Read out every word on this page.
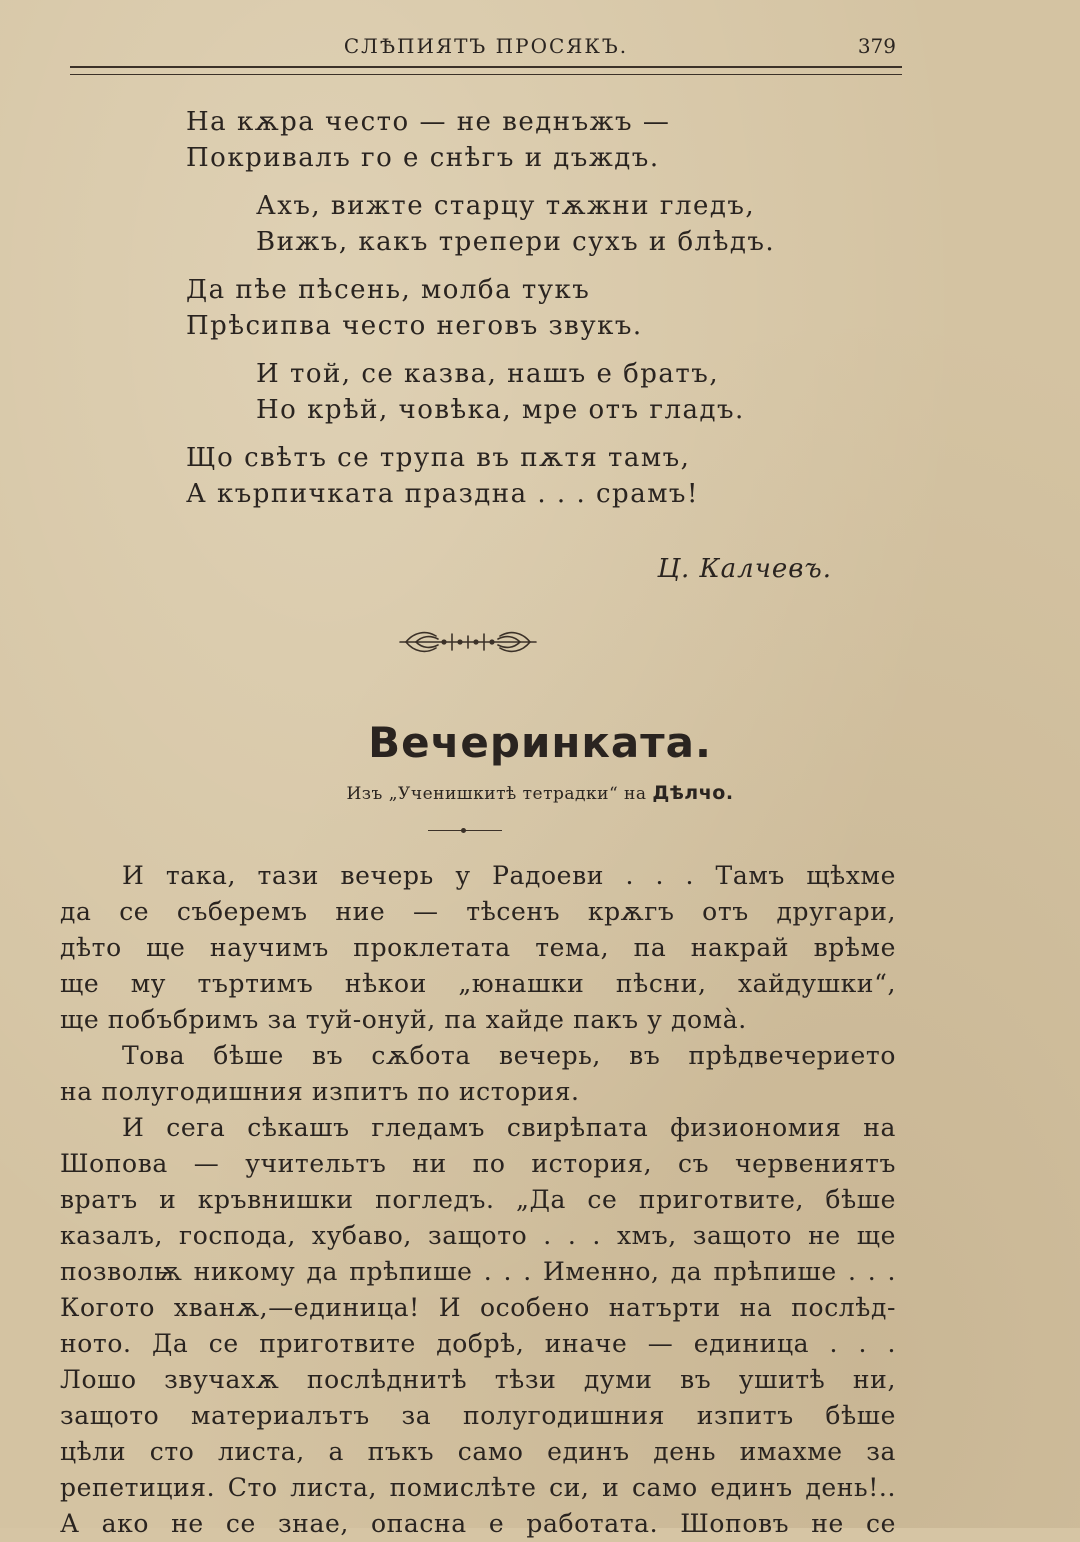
СЛѢПИЯТЪ ПРОСЯКЪ.	379
На кѫра често — не веднъжъ —
Покривалъ го е снѣгъ и дъждъ.
Ахъ, вижте старцу тѫжни гледъ,
Вижъ, какъ трепери сухъ и блѣдъ.
Да пѣе пѣсень, молба тукъ
Прѣсипва често неговъ звукъ.
И той, се казва, нашъ е братъ,
Но крѣй, човѣка, мре отъ гладъ.
Що свѣтъ се трупа въ пѫтя тамъ,
А кърпичката праздна . . . срамъ!
Ц. Калчевъ.
Вечеринката.
Изъ „Ученишкитѣ тетрадки“ на Дѣлчо.
И така, тази вечерь у Радоеви . . . Тамъ щѣхме
да се съберемъ ние — тѣсенъ крѫгъ отъ другари,
дѣто ще научимъ проклетата тема, па накрай врѣме
ще му търтимъ нѣкои „юнашки пѣсни, хайдушки“,
ще побъбримъ за туй-онуй, па хайде пакъ у дома̀.
Това бѣше въ сѫбота вечерь, въ прѣдвечерието
на полугодишния изпитъ по история.
И сега сѣкашъ гледамъ свирѣпата физиономия на
Шопова — учительтъ ни по история, съ червениятъ
вратъ и кръвнишки погледъ. „Да се приготвите, бѣше
казалъ, господа, хубаво, защото . . . хмъ, защото не ще
позволѭ никому да прѣпише . . . Именно, да прѣпише . . .
Когото хванѫ,—единица! И особено натърти на послѣд-
ното. Да се приготвите добрѣ, иначе — единица . . .
Лошо звучахѫ послѣднитѣ тѣзи думи въ ушитѣ ни,
защото материалътъ за полугодишния изпитъ бѣше
цѣли сто листа, а пъкъ само единъ день имахме за
репетиция. Сто листа, помислѣте си, и само единъ день!..
А ако не се знае, опасна е работата. Шоповъ не се
